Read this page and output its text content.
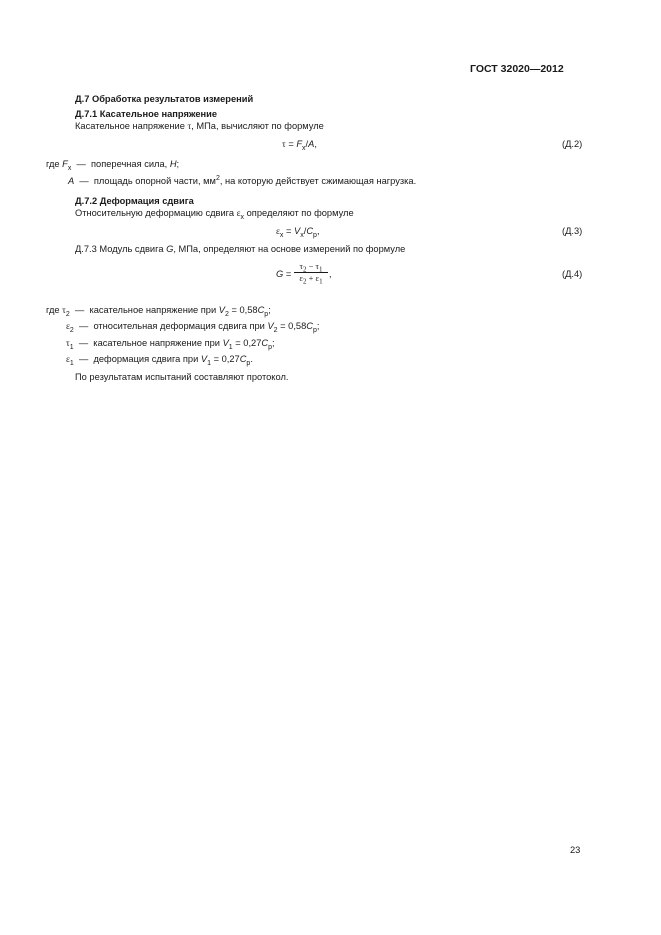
ГОСТ 32020—2012
Д.7 Обработка результатов измерений
Д.7.1 Касательное напряжение
Касательное напряжение τ, МПа, вычисляют по формуле
$\tau = F_x/A$,	(Д.2)
где $F_x$  —  поперечная сила, Н;
A  —  площадь опорной части, $мм^2$, на которую действует сжимающая нагрузка.
Д.7.2 Деформация сдвига
Относительную деформацию сдвига $\varepsilon_x$ определяют по формуле
$\varepsilon_x = V_x/C_p$,	(Д.3)
Д.7.3 Модуль сдвига G, МПа, определяют на основе измерений по формуле
G =
$\tau_2 - \tau_1$
$\varepsilon_2 + \varepsilon_1$
,	(Д.4)
где $\tau_2$  —  касательное напряжение при $V_2 = 0,58C_p$;
$\varepsilon_2$  —  относительная деформация сдвига при $V_2 = 0,58C_p$;
$\tau_1$  —  касательное напряжение при $V_1 = 0,27C_p$;
$\varepsilon_1$  —  деформация сдвига при $V_1 = 0,27C_p$.
По результатам испытаний составляют протокол.
23
